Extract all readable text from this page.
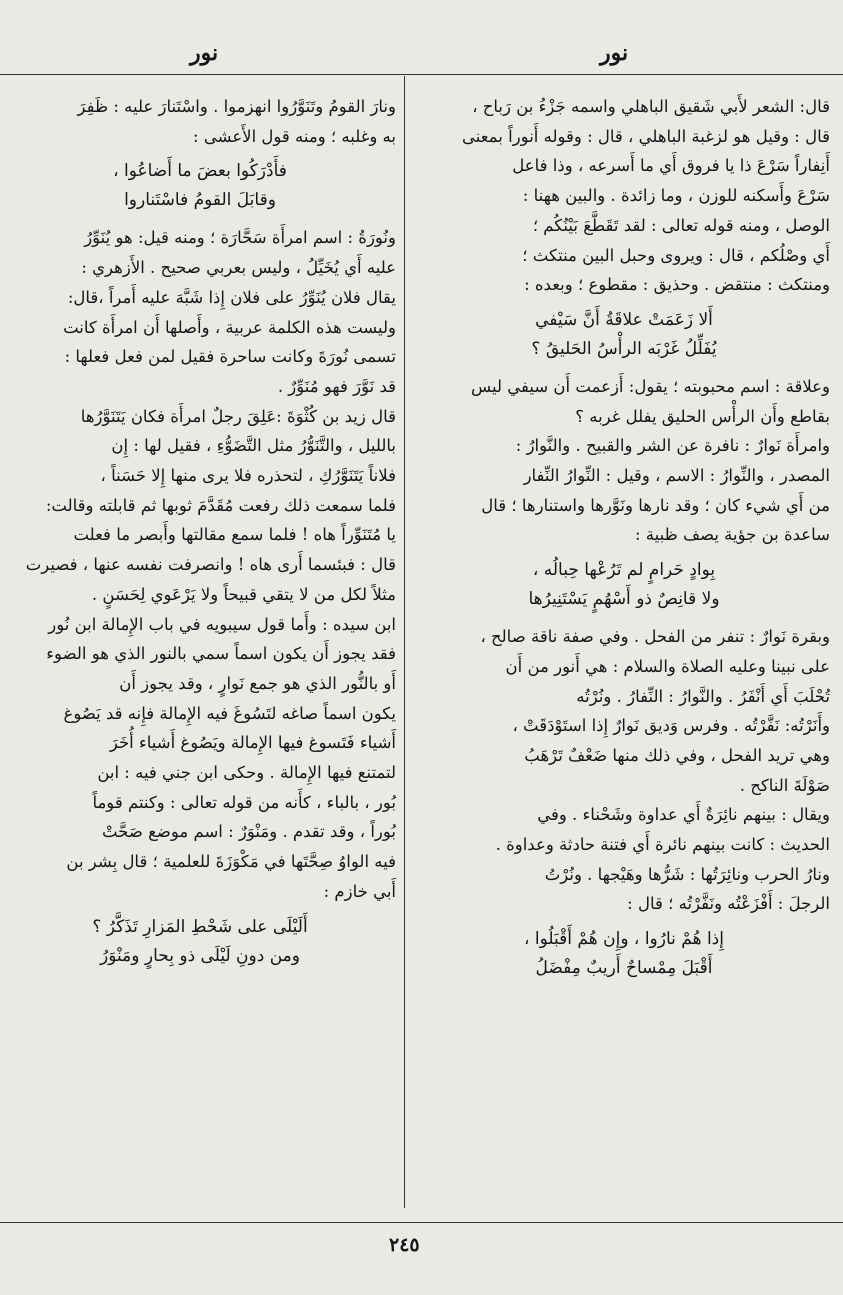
نور
نور

قال: الشعر لأَبي شَقيق الباهلي واسمه جَزْءُ بن رَباح ،
قال : وقيل هو لزغبة الباهلي ، قال : وقوله أَنوراً بمعنى
أَنِفاراً سَرْعَ ذا يا فروق أَي ما أَسرعه ، وذا فاعل
سَرْعَ وأَسكنه للوزن ، وما زائدة . والبين ههنا :
الوصل ، ومنه قوله تعالى : لقد تَقَطَّعَ بَيْنُكُم ؛
أَي وصْلُكم ، قال : ويروى وحبل البين منتكث ؛
ومنتكث : منتقض . وحذيق : مقطوع ؛ وبعده :

أَلا زَعَمَتْ علاقَةُ أَنَّ سَيْفي
يُفَلِّلُ غَرْبَه الرأْسُ الحَليقُ ؟

وعلاقة : اسم محبوبته ؛ يقول: أَزعمت أَن سيفي ليس
بقاطع وأَن الرأْس الحليق يفلل غربه ؟
وامرأَة نَوارٌ : نافرة عن الشر والقبيح . والنَّوارُ :
المصدر ، والنِّوارُ : الاسم ، وقيل : النِّوارُ النِّفار
من أَي شيء كان ؛ وقد نارها ونَوَّرها واستنارها ؛ قال
ساعدة بن جؤية يصف ظبية :

بِوادٍ حَرامٍ لم تَرُعْها حِبالُه ،
ولا قانِصٌ ذو أَسْهُمٍ يَسْتَنِيرُها

وبقرة نَوارٌ : تنفر من الفحل . وفي صفة ناقة صالح ،
على نبينا وعليه الصلاة والسلام : هي أَنور من أَن
تُحْلَبَ أَي أَنْفَرُ . والنَّوارُ : النِّفارُ . ونُرْتُه
وأَنَرْتُه: نَفَّرْتُه . وفرس وَديق نَوارٌ إِذا استَوْدَقَتْ ،
وهي تريد الفحل ، وفي ذلك منها ضَعْفٌ تَرْهَبُ
صَوْلَةَ الناكح .
ويقال : بينهم نائِرَةٌ أَي عداوة وشَحْناء . وفي
الحديث : كانت بينهم نائرة أَي فتنة حادثة وعداوة .
ونارُ الحرب ونائِرَتُها : شَرُّها وهَيْجها . ونُرْتُ
الرجلَ : أَفْزَعْتُه ونَفَّرْتُه ؛ قال :

إِذا هُمْ نارُوا ، وإِن هُمْ أَقْبَلُوا ،
أَقْبَلَ مِمْساحٌ أَريبٌ مِفْضَلُ

ونارَ القومُ وتَنَوَّرُوا انهزموا . واسْتَنارَ عليه : ظَفِرَ
به وغلبه ؛ ومنه قول الأَعشى :

فأَدْرَكُوا بعضَ ما أَضاعُوا ،
وقابَلَ القومُ فاسْتَناروا

ونُورَةُ : اسم امرأَة سَحَّارَة ؛ ومنه قيل: هو يُنَوِّرُ
عليه أَي يُخَيِّلُ ، وليس بعربي صحيح . الأَزهري :
يقال فلان يُنَوِّرُ على فلان إِذا شَبَّهَ عليه أَمراً ،قال:
وليست هذه الكلمة عربية ، وأَصلها أَن امرأَة كانت
تسمى نُورَةَ وكانت ساحرة فقيل لمن فعل فعلها :
قد نَوَّرَ فهو مُنَوِّرٌ .
قال زيد بن كُثْوَةَ :عَلِقَ رجلٌ امرأَة فكان يَتَنَوَّرُها
بالليل ، والتَّنَوُّرُ مثل التَّضَوُّءِ ، فقيل لها : إِن
فلاناً يَتَنَوَّرُكِ ، لتحذره فلا يرى منها إِلا حَسَناً ،
فلما سمعت ذلك رفعت مُقَدَّمَ ثوبها ثم قابلته وقالت:
يا مُتَنَوِّراً هاه ! فلما سمع مقالتها وأَبصر ما فعلت
قال : فبئسما أَرى هاه ! وانصرفت نفسه عنها ، فصيرت
مثلاً لكل من لا يتقي قبيحاً ولا يَرْعَوي لِحَسَنٍ .
ابن سيده : وأَما قول سيبويه في باب الإِمالة ابن نُور
فقد يجوز أَن يكون اسماً سمي بالنور الذي هو الضوء
أَو بالنُّور الذي هو جمع نَوارٍ ، وقد يجوز أَن
يكون اسماً صاغه لتَسُوغَ فيه الإِمالة فإِنه قد يَصُوغ
أَشياء فَتَسوغ فيها الإِمالة ويَصُوغ أَشياء أُخَرَ
لتمتنع فيها الإِمالة . وحكى ابن جني فيه : ابن
بُور ، بالباء ، كأَنه من قوله تعالى : وكنتم قوماً
بُوراً ، وقد تقدم . ومَنْوَرٌ : اسم موضع صَحَّتْ
فيه الواوُ صِحَّتَها في مَكْوَزَةَ للعلمية ؛ قال بِشر بن
أَبي خازم :

أَلَيْلَى على شَحْطِ المَزارِ تَذَكَّرُ ؟
ومن دونِ لَيْلَى ذو بِحارٍ ومَنْوَرُ

٢٤٥
